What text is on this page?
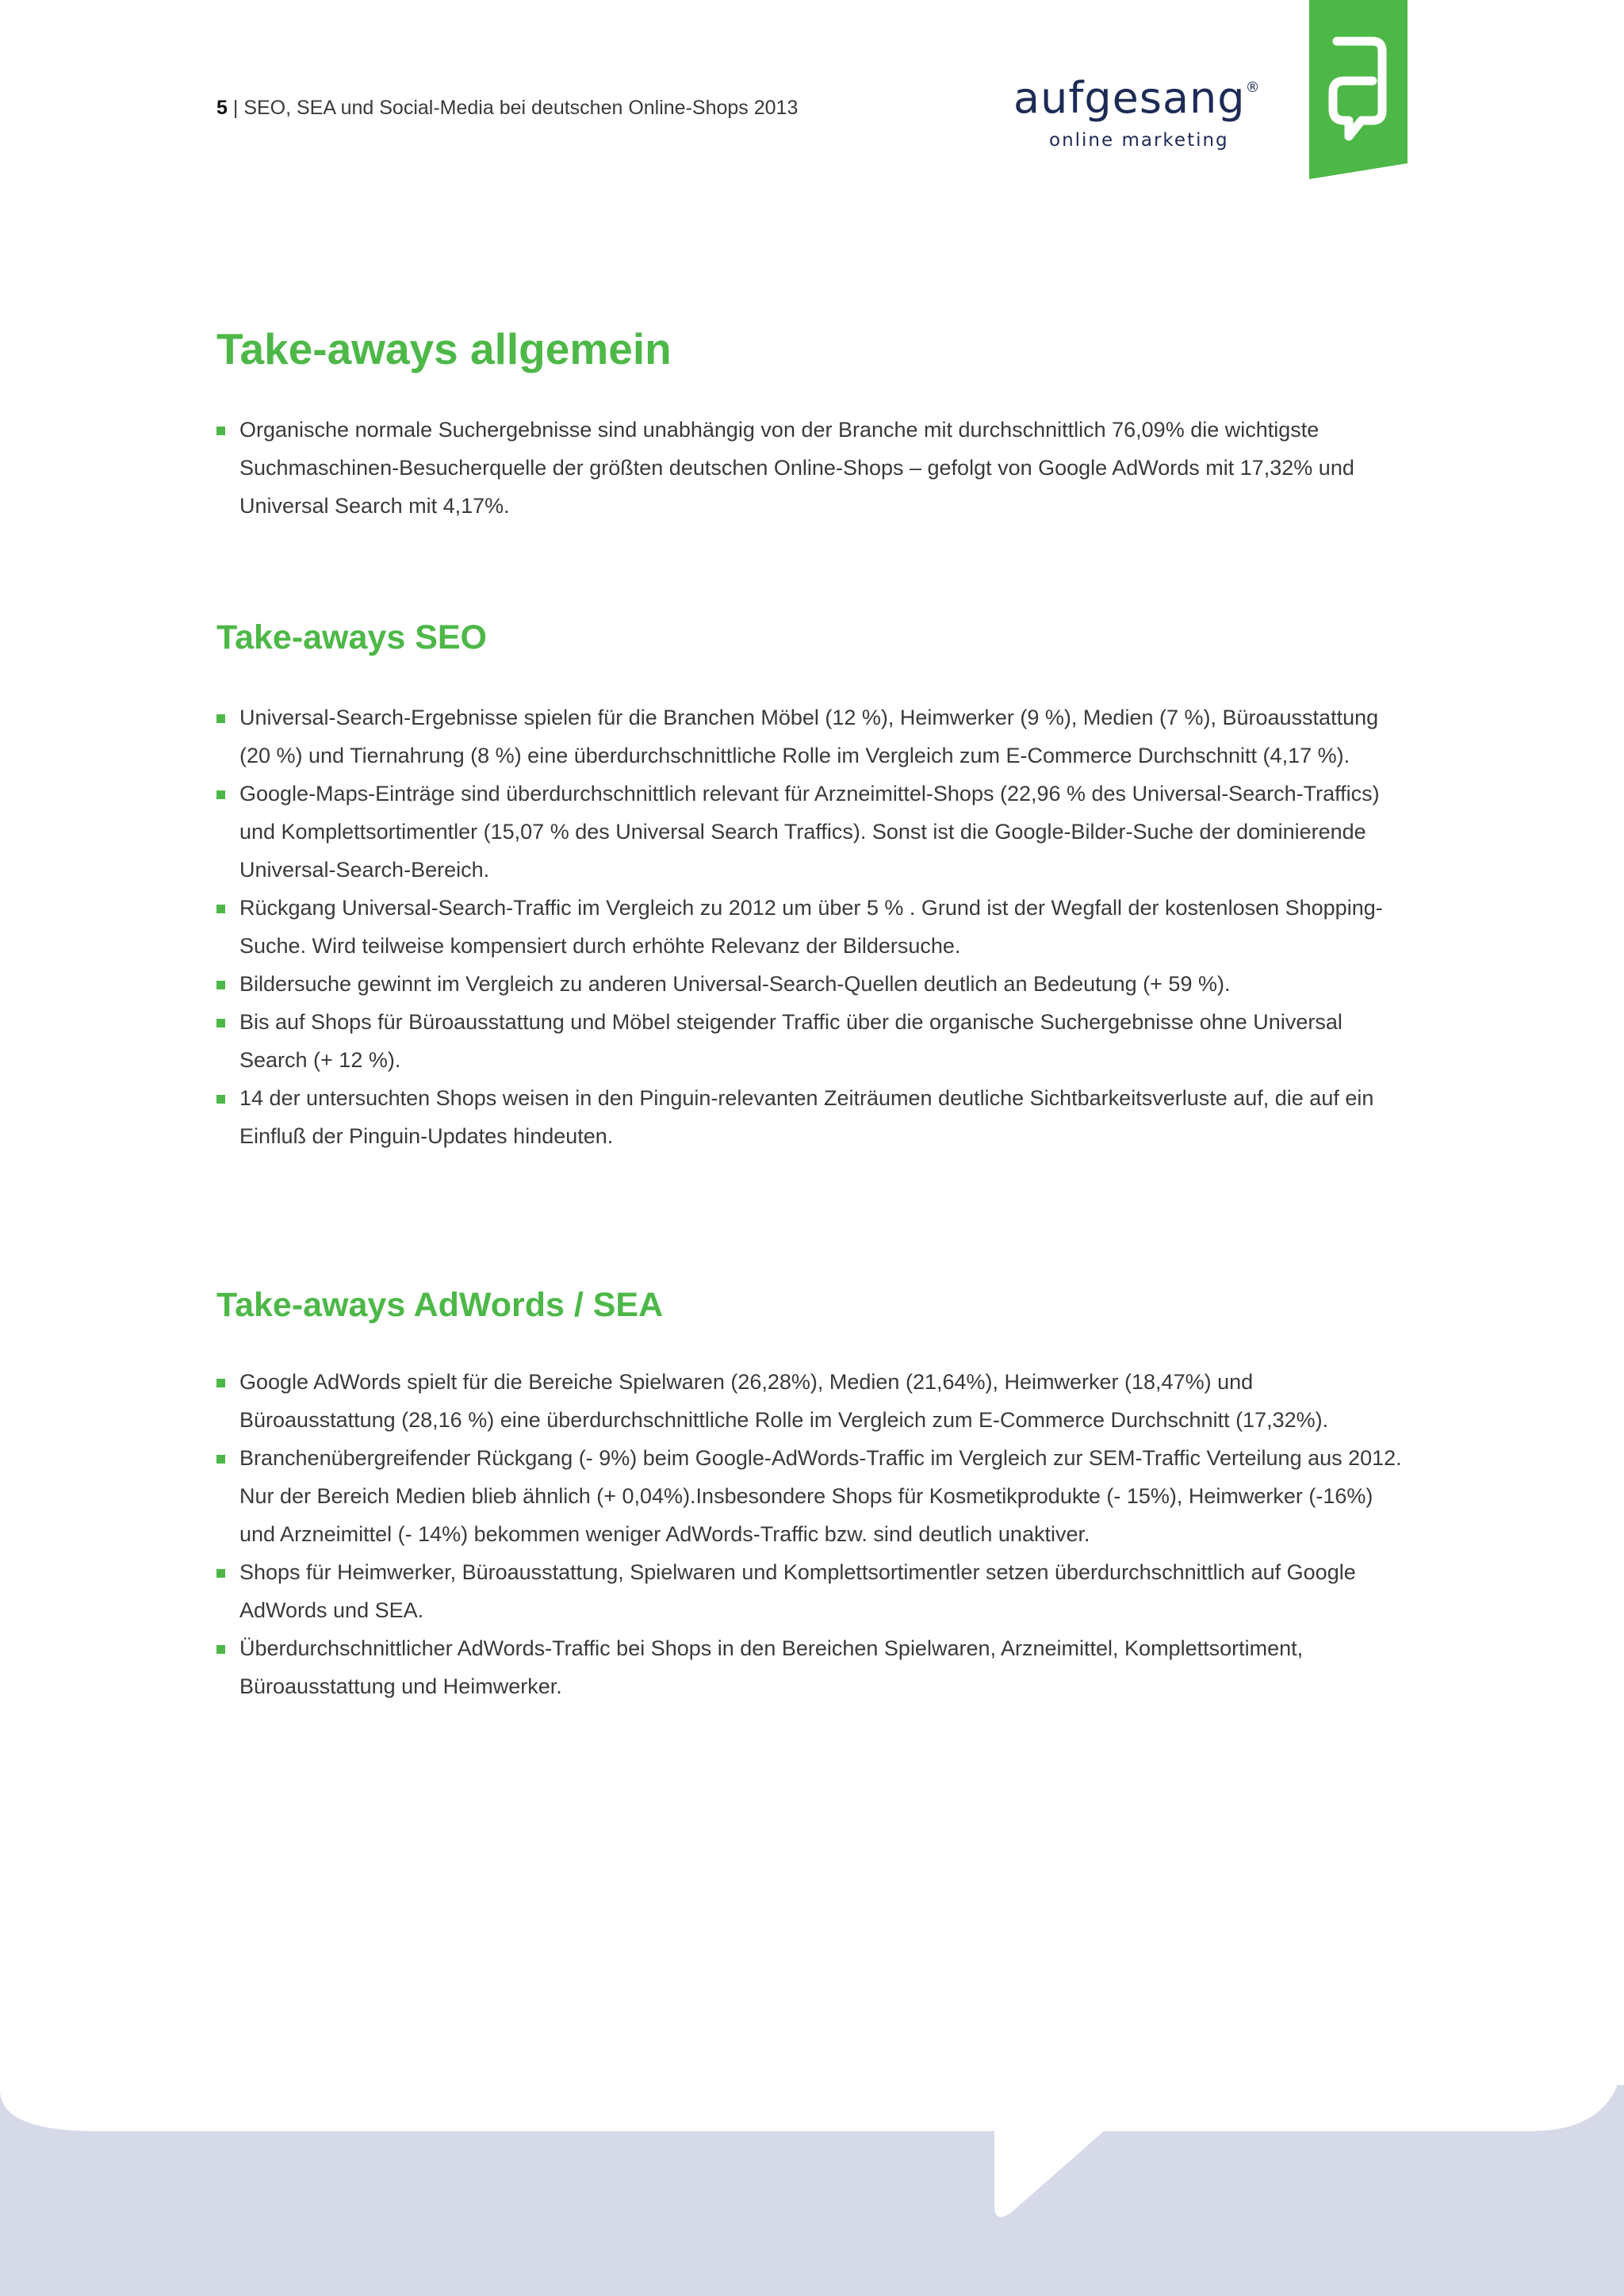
5 | SEO, SEA und Social-Media bei deutschen Online-Shops 2013	aufgesang®
online marketing
Take-aways allgemein
Organische normale Suchergebnisse sind unabhängig von der Branche mit durchschnittlich 76,09% die wichtigste Suchmaschinen-Besucherquelle der größten deutschen Online-Shops – gefolgt von Google AdWords mit 17,32% und Universal Search mit 4,17%.
Take-aways SEO
Universal-Search-Ergebnisse spielen für die Branchen Möbel (12 %), Heimwerker (9 %), Medien (7 %), Büroausstattung (20 %) und Tiernahrung (8 %) eine überdurchschnittliche Rolle im Vergleich zum E-Commerce Durchschnitt (4,17 %).
Google-Maps-Einträge sind überdurchschnittlich relevant für Arzneimittel-Shops (22,96 % des Universal-Search-Traffics) und Komplettsortimentler (15,07 % des Universal Search Traffics). Sonst ist die Google-Bilder-Suche der dominierende Universal-Search-Bereich.
Rückgang Universal-Search-Traffic im Vergleich zu 2012 um über 5 % . Grund ist der Wegfall der kostenlosen Shopping-Suche. Wird teilweise kompensiert durch erhöhte Relevanz der Bildersuche.
Bildersuche gewinnt im Vergleich zu anderen Universal-Search-Quellen deutlich an Bedeutung (+ 59 %).
Bis auf Shops für Büroausstattung und Möbel steigender Traffic über die organische Suchergebnisse ohne Universal Search (+ 12 %).
14 der untersuchten Shops weisen in den Pinguin-relevanten Zeiträumen deutliche Sichtbarkeitsverluste auf, die auf ein Einfluß der Pinguin-Updates hindeuten.
Take-aways AdWords / SEA
Google AdWords spielt für die Bereiche Spielwaren (26,28%), Medien (21,64%), Heimwerker (18,47%) und Büroausstattung (28,16 %) eine überdurchschnittliche Rolle im Vergleich zum E-Commerce Durchschnitt (17,32%).
Branchenübergreifender Rückgang (- 9%) beim Google-AdWords-Traffic im Vergleich zur SEM-Traffic Verteilung aus 2012. Nur der Bereich Medien blieb ähnlich (+ 0,04%).Insbesondere Shops für Kosmetikprodukte (- 15%), Heimwerker (-16%) und Arzneimittel (- 14%) bekommen weniger AdWords-Traffic bzw. sind deutlich unaktiver.
Shops für Heimwerker, Büroausstattung, Spielwaren und Komplettsortimentler setzen überdurchschnittlich auf Google AdWords und SEA.
Überdurchschnittlicher AdWords-Traffic bei Shops in den Bereichen Spielwaren, Arzneimittel, Komplettsortiment, Büroausstattung und Heimwerker.
